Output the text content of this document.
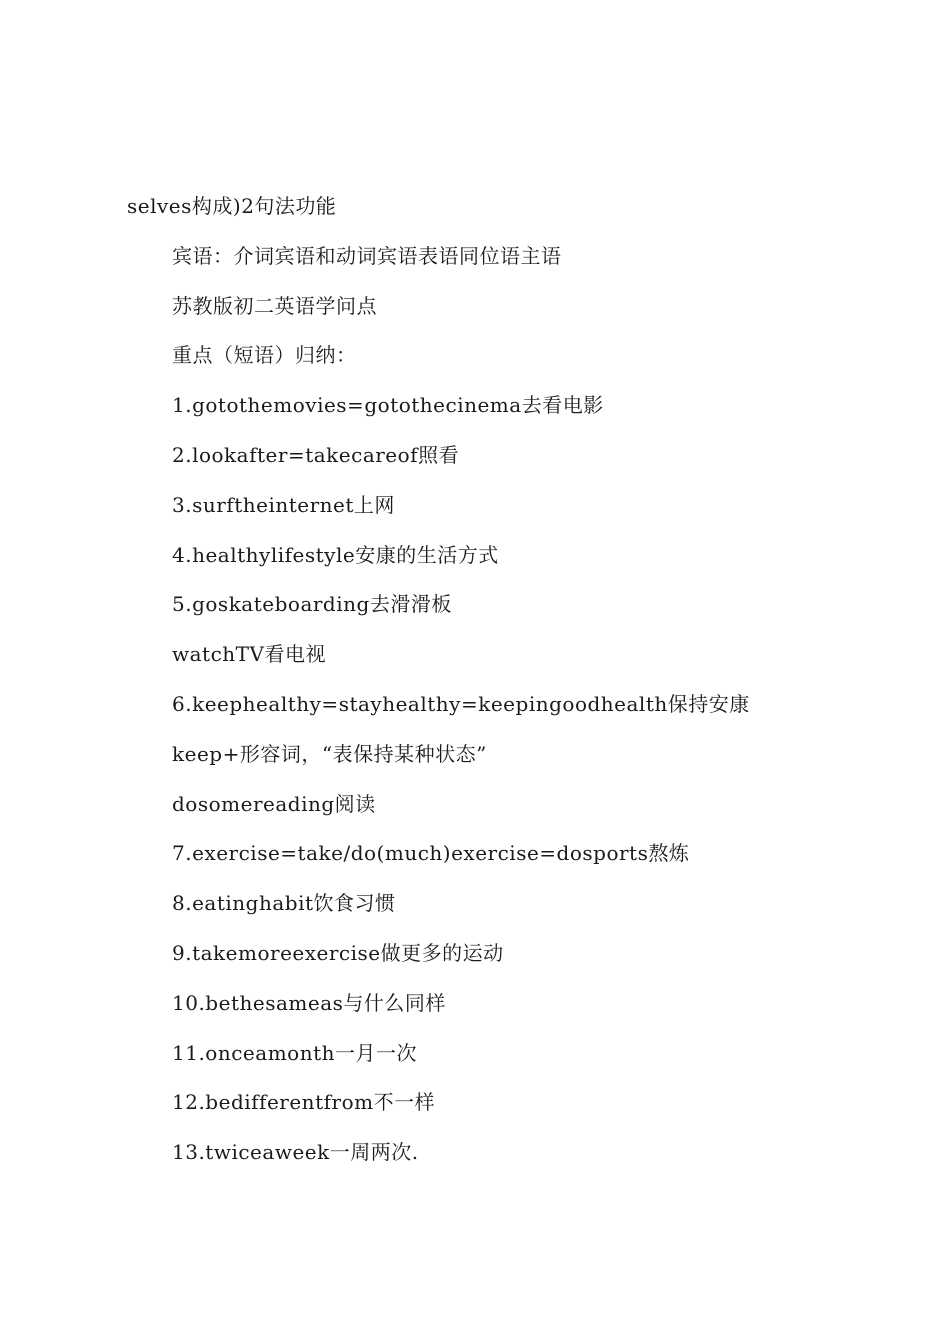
selves构成)2句法功能
宾语：介词宾语和动词宾语表语同位语主语
苏教版初二英语学问点
重点（短语）归纳：
1.gotothemovies=gotothecinema去看电影
2.lookafter=takecareof照看
3.surftheinternet上网
4.healthylifestyle安康的生活方式
5.goskateboarding去滑滑板
watchTV看电视
6.keephealthy=stayhealthy=keepingoodhealth保持安康
keep+形容词，“表保持某种状态”
dosomereading阅读
7.exercise=take/do(much)exercise=dosports熬炼
8.eatinghabit饮食习惯
9.takemoreexercise做更多的运动
10.bethesameas与什么同样
11.onceamonth一月一次
12.bedifferentfrom不一样
13.twiceaweek一周两次.
